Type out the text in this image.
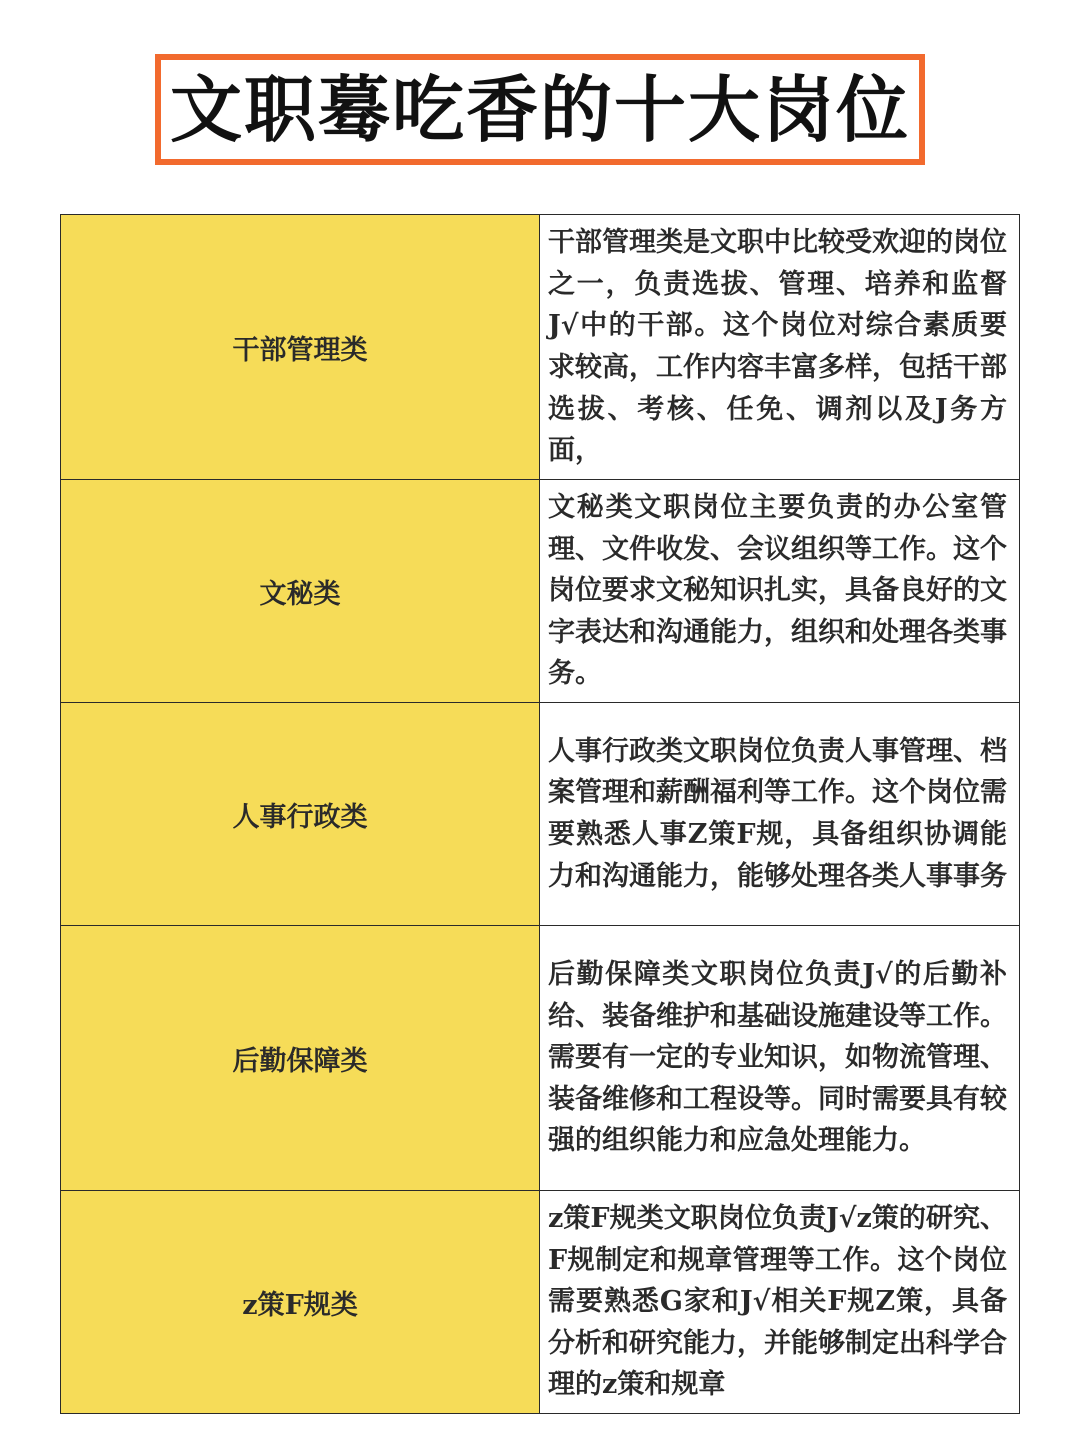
文职蓦吃香的十大岗位
干部管理类	干部管理类是文职中比较受欢迎的岗位之一，负责选拔、管理、培养和监督J√中的干部。这个岗位对综合素质要求较高，工作内容丰富多样，包括干部选拔、考核、任免、调剂以及J务方面，
文秘类	文秘类文职岗位主要负责的办公室管理、文件收发、会议组织等工作。这个岗位要求文秘知识扎实，具备良好的文字表达和沟通能力，组织和处理各类事务。
人事行政类	人事行政类文职岗位负责人事管理、档案管理和薪酬福利等工作。这个岗位需要熟悉人事Z策F规，具备组织协调能力和沟通能力，能够处理各类人事事务
后勤保障类	后勤保障类文职岗位负责J√的后勤补给、装备维护和基础设施建设等工作。需要有一定的专业知识，如物流管理、装备维修和工程设等。同时需要具有较强的组织能力和应急处理能力。
z策F规类	z策F规类文职岗位负责J√z策的研究、F规制定和规章管理等工作。这个岗位需要熟悉G家和J√相关F规Z策，具备分析和研究能力，并能够制定出科学合理的z策和规章
